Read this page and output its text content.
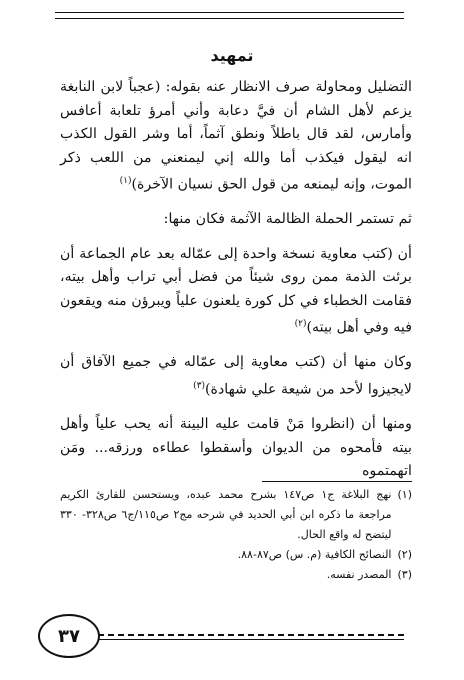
تمهيد

التضليل ومحاولة صرف الانظار عنه بقوله: (عجباً لابن النابغة يزعم لأهل الشام أن فيَّ دعابة وأني أمرؤ تلعابة أعافس وأمارس، لقد قال باطلاً ونطق آثماً، أما وشر القول الكذب انه ليقول فيكذب أما والله إني ليمنعني من اللعب ذكر الموت، وإنه ليمنعه من قول الحق نسيان الآخرة)$^{(١)}$

ثم تستمر الحملة الظالمة الآثمة فكان منها:

أن (كتب معاوية نسخة واحدة إلى عمّاله بعد عام الجماعة أن برئت الذمة ممن روى شيئاً من فضل أبي تراب وأهل بيته، فقامت الخطباء في كل كورة يلعنون علياً ويبرؤن منه ويقعون فيه وفي أهل بيته)$^{(٢)}$

وكان منها أن (كتب معاوية إلى عمّاله في جميع الآفاق أن لايجيزوا لأحد من شيعة علي شهادة)$^{(٣)}$

ومنها أن (انظروا مَنْ قامت عليه البينة أنه يحب علياً وأهل بيته فأمحوه من الديوان وأسقطوا عطاءه ورزقه... ومَن اتهمتموه

(١)
نهج البلاغة ج١ ص١٤٧ بشرح محمد عبده، ويستحسن للقارئ الكريم مراجعة ما ذكره ابن أبي الحديد في شرحه مج٢ ص١١٥/ج٦ ص٣٢٨- ٣٣٠ ليتضح له واقع الحال.
(٢)
النصائح الكافية (م. س) ص٨٧-٨٨.
(٣)
المصدر نفسه.
٣٧
